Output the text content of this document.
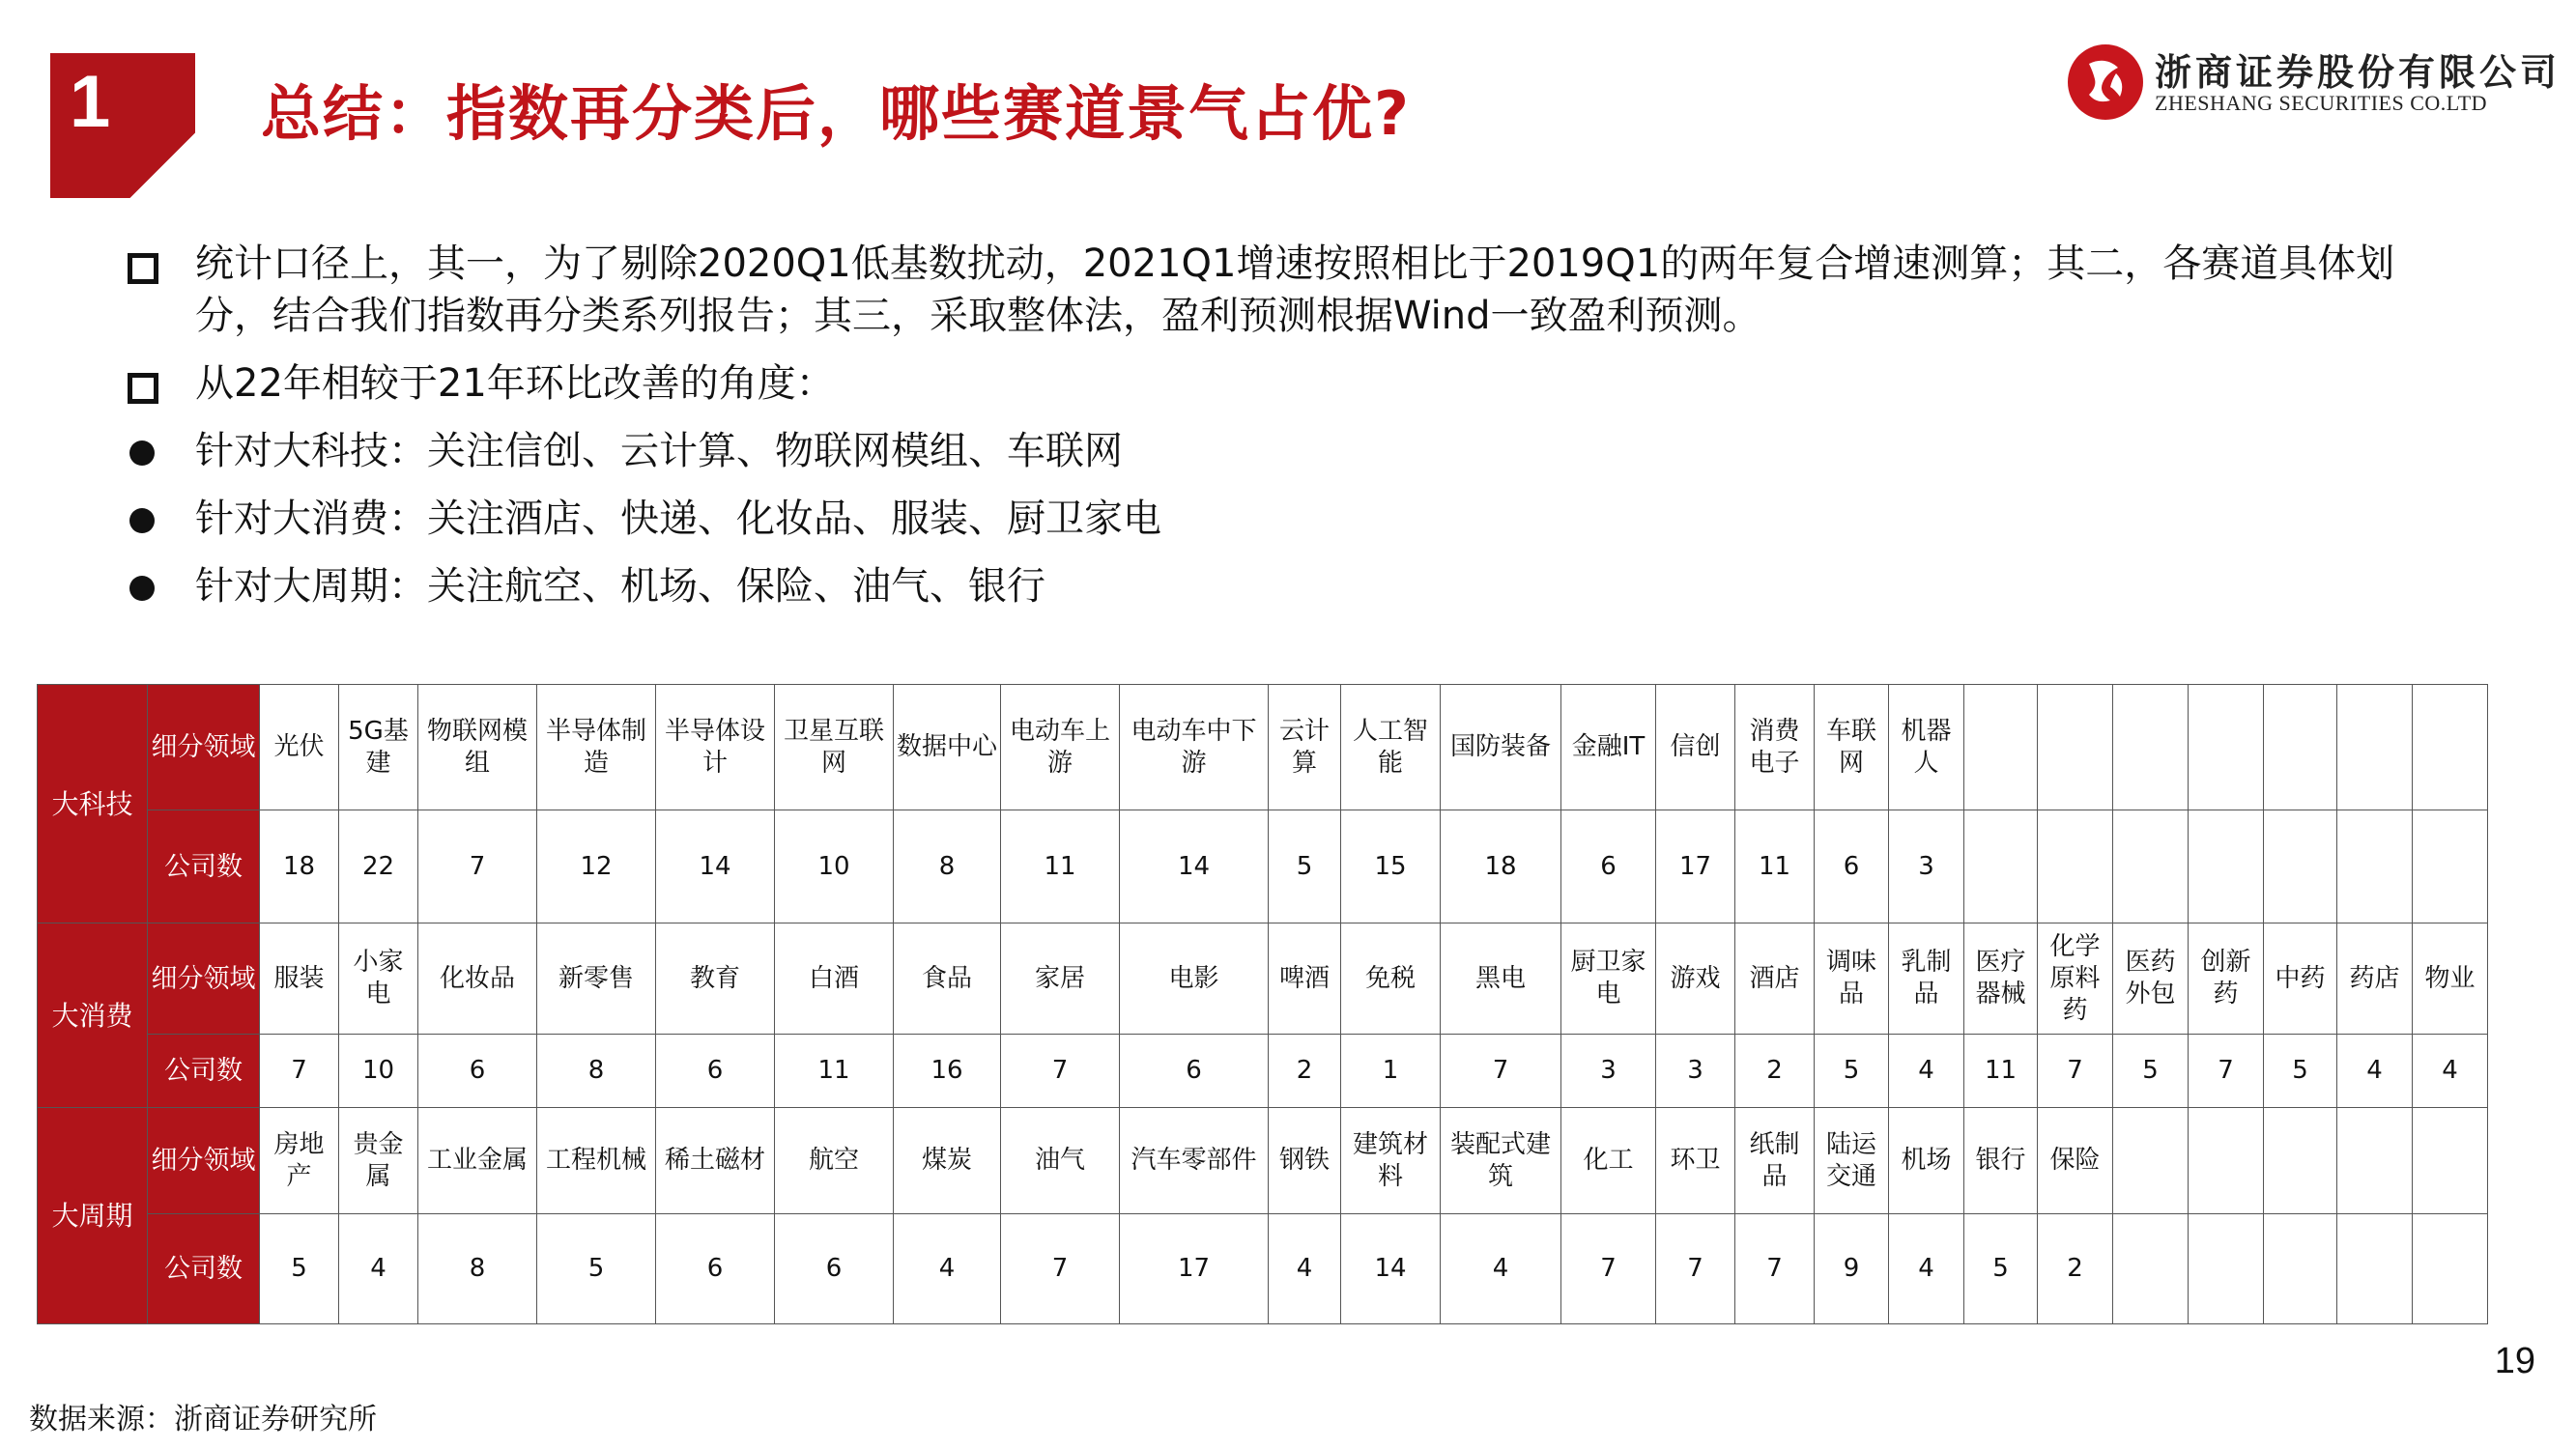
1	总结：指数再分类后，哪些赛道景气占优?
浙商证券股份有限公司
ZHESHANG SECURITIES CO.LTD
统计口径上，其一，为了剔除2020Q1低基数扰动，2021Q1增速按照相比于2019Q1的两年复合增速测算；其二，各赛道具体划分，结合我们指数再分类系列报告；其三，采取整体法，盈利预测根据Wind一致盈利预测。
从22年相较于21年环比改善的角度：
针对大科技：关注信创、云计算、物联网模组、车联网
针对大消费：关注酒店、快递、化妆品、服装、厨卫家电
针对大周期：关注航空、机场、保险、油气、银行
大科技	细分领域	光伏	5G基建	物联网模组	半导体制造	半导体设计	卫星互联网	数据中心	电动车上游	电动车中下游	云计算	人工智能	国防装备	金融IT	信创	消费电子	车联网	机器人								
	公司数	18	22	7	12	14	10	8	11	14	5	15	18	6	17	11	6	3								
大消费	细分领域	服装	小家电	化妆品	新零售	教育	白酒	食品	家居	电影	啤酒	免税	黑电	厨卫家电	游戏	酒店	调味品	乳制品	医疗器械	化学原料药	医药外包	创新药	中药	药店	物业	
	公司数	7	10	6	8	6	11	16	7	6	2	1	7	3	3	2	5	4	11	7	5	7	5	4	4	
大周期	细分领域	房地产	贵金属	工业金属	工程机械	稀土磁材	航空	煤炭	油气	汽车零部件	钢铁	建筑材料	装配式建筑	化工	环卫	纸制品	陆运交通	机场	银行	保险						
	公司数	5	4	8	5	6	6	4	7	17	4	14	4	7	7	7	9	4	5	2						
19
数据来源：浙商证券研究所
